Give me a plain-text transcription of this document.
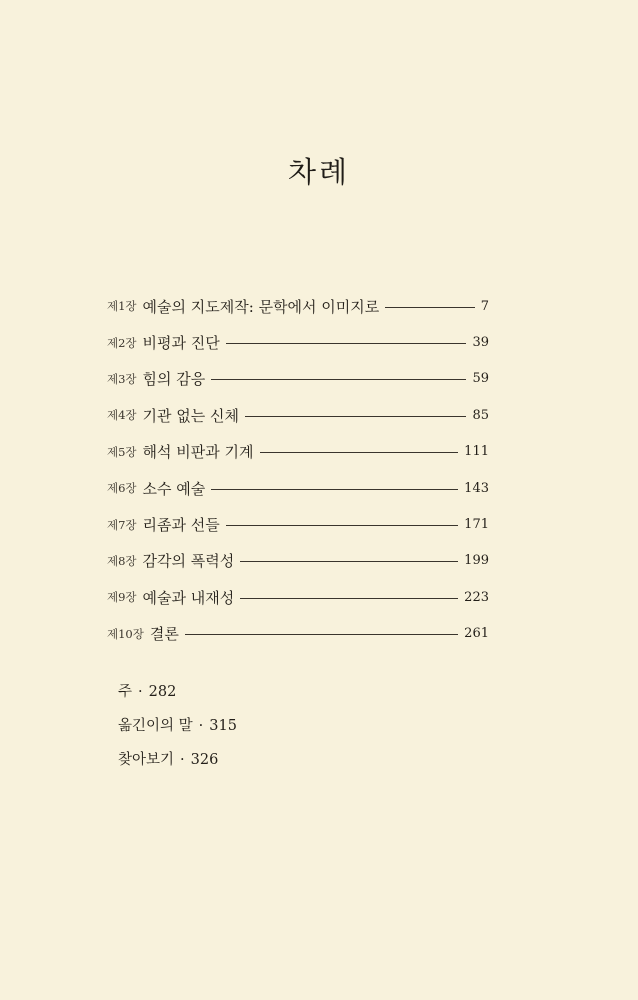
차례
제1장 예술의 지도제작: 문학에서 이미지로	7
제2장 비평과 진단	39
제3장 힘의 감응	59
제4장 기관 없는 신체	85
제5장 해석 비판과 기계	111
제6장 소수 예술	143
제7장 리좀과 선들	171
제8장 감각의 폭력성	199
제9장 예술과 내재성	223
제10장 결론	261
주 · 282
옮긴이의 말 · 315
찾아보기 · 326
